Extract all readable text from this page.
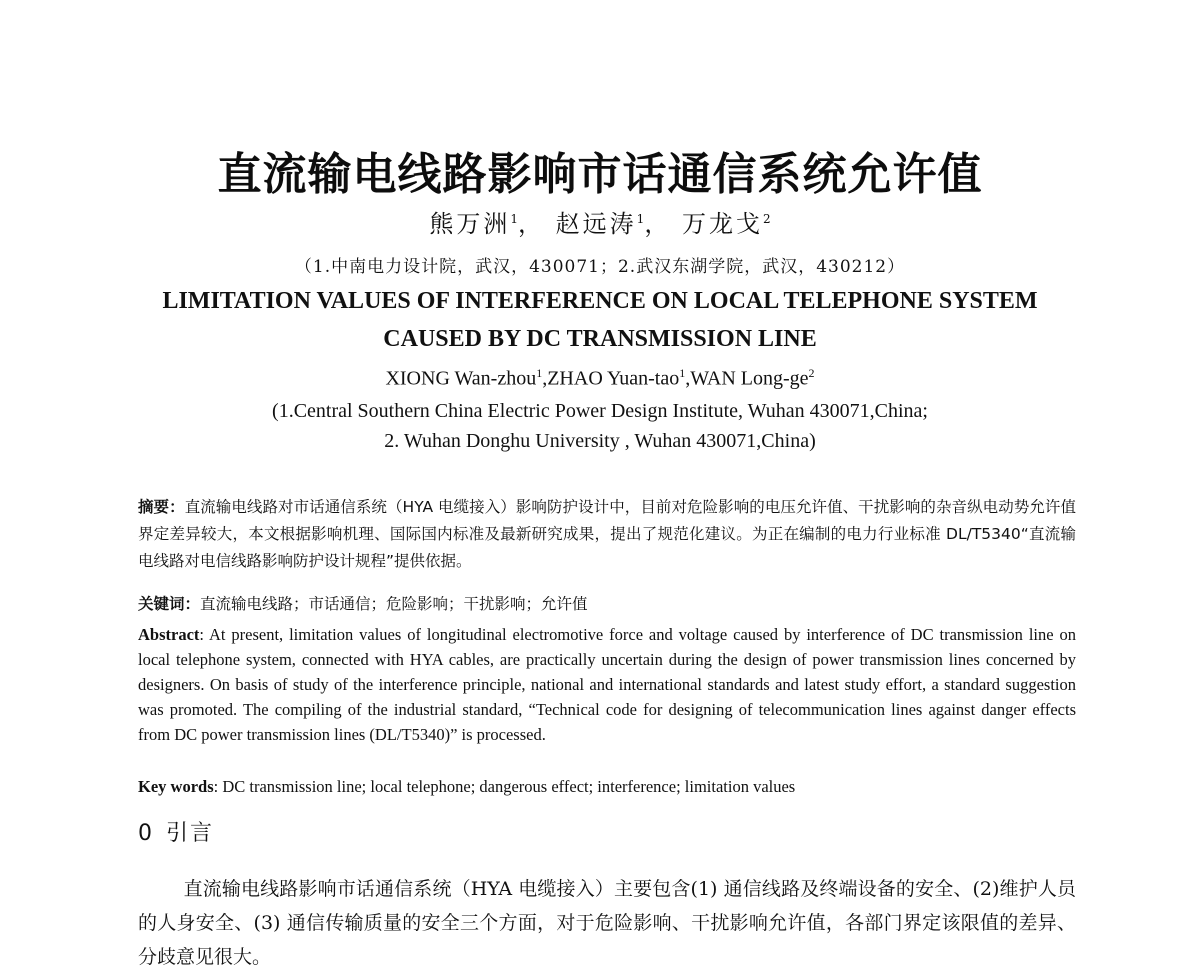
直流输电线路影响市话通信系统允许值
熊万洲$^1$， 赵远涛$^1$， 万龙戈$^2$
（1.中南电力设计院，武汉，430071；2.武汉东湖学院，武汉，430212）
LIMITATION VALUES OF INTERFERENCE ON LOCAL TELEPHONE SYSTEM
CAUSED BY DC TRANSMISSION LINE
XIONG Wan-zhou$^1$,ZHAO Yuan-tao$^1$,WAN Long-$ge^2$
(1.Central Southern China Electric Power Design Institute, Wuhan 430071,China;
2. Wuhan Donghu University , Wuhan 430071,China)
摘要：直流输电线路对市话通信系统（HYA 电缆接入）影响防护设计中，目前对危险影响的电压允许值、干扰影响的杂音纵电动势允许值界定差异较大，本文根据影响机理、国际国内标准及最新研究成果，提出了规范化建议。为正在编制的电力行业标准 DL/T5340“直流输电线路对电信线路影响防护设计规程”提供依据。
关键词：直流输电线路；市话通信；危险影响；干扰影响；允许值
Abstract: At present, limitation values of longitudinal electromotive force and voltage caused by interference of DC transmission line on local telephone system, connected with HYA cables, are practically uncertain during the design of power transmission lines concerned by designers. On basis of study of the interference principle, national and international standards and latest study effort, a standard suggestion was promoted. The compiling of the industrial standard, “Technical code for designing of telecommunication lines against danger effects from DC power transmission lines (DL/T5340)” is processed.
Key words: DC transmission line; local telephone; dangerous effect; interference; limitation values
0 引言
直流输电线路影响市话通信系统（HYA 电缆接入）主要包含(1) 通信线路及终端设备的安全、(2)维护人员的人身安全、(3) 通信传输质量的安全三个方面，对于危险影响、干扰影响允许值，各部门界定该限值的差异、分歧意见很大。
